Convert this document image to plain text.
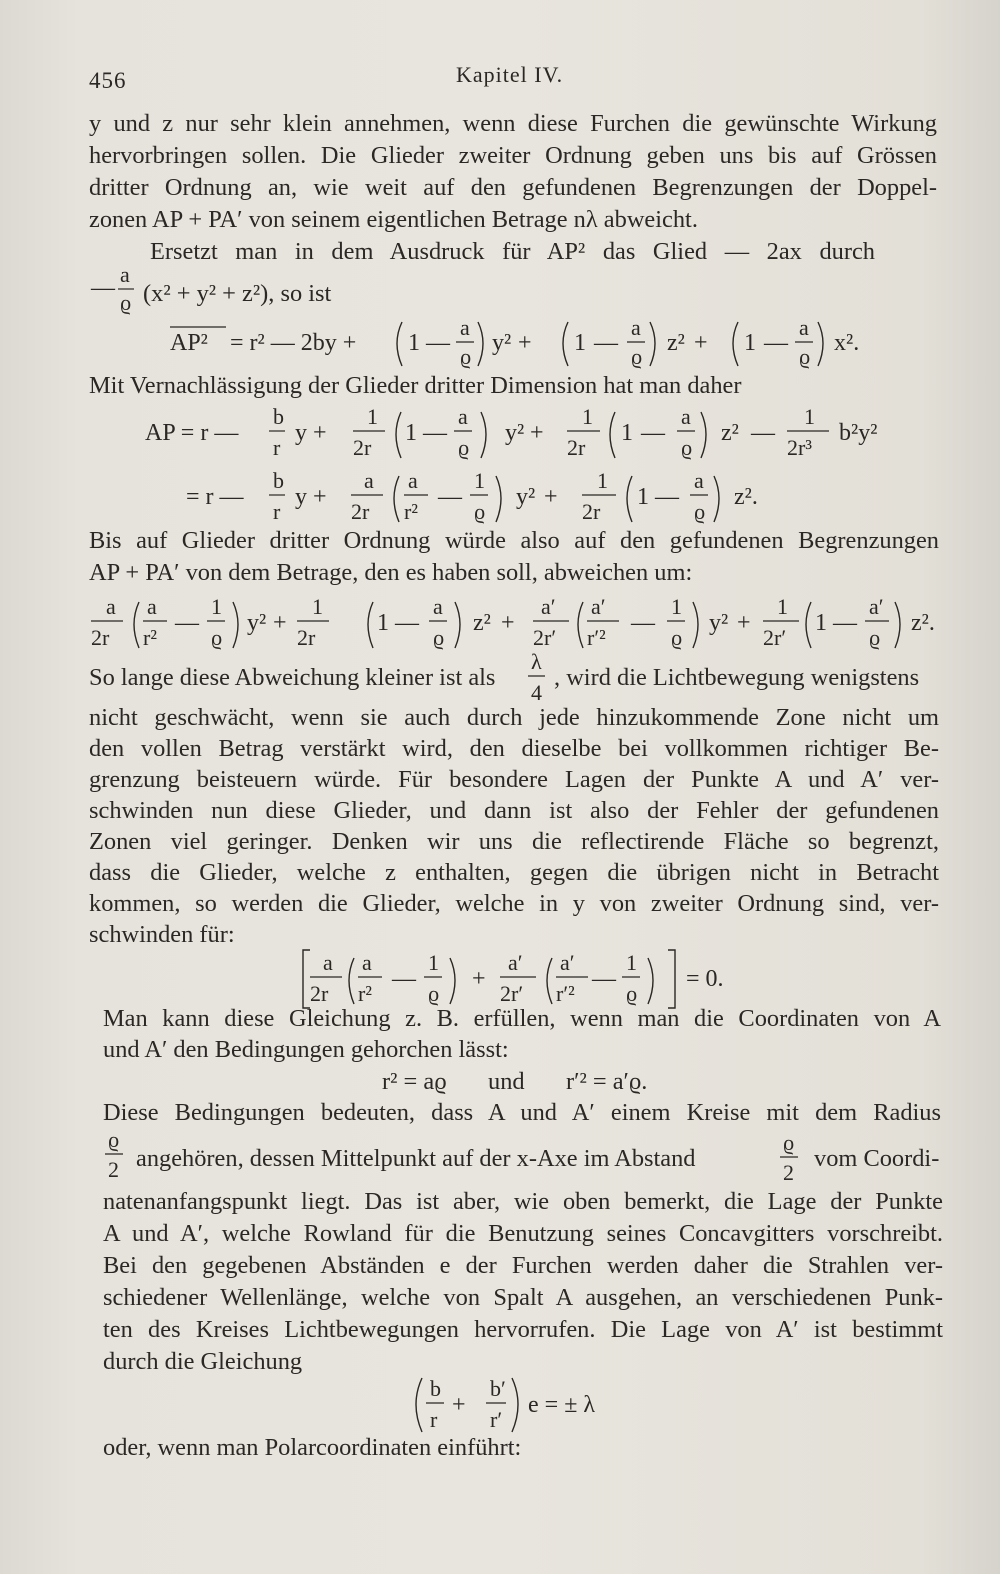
456	Kapitel IV.
y und z nur sehr klein annehmen, wenn diese Furchen die gewünschte Wirkung
hervorbringen sollen. Die Glieder zweiter Ordnung geben uns bis auf Grössen
dritter Ordnung an, wie weit auf den gefundenen Begrenzungen der Doppel-
zonen AP + PA′ von seinem eigentlichen Betrage nλ abweicht.
Ersetzt man in dem Ausdruck für AP² das Glied — 2ax durch
—
a
ϱ (x² + y² + z²), so ist
AP² = r² — 2by + 1 —
a
ϱ
y² + 1 —
a
ϱ
z² + 1 —
a
ϱ
x².
Mit Vernachlässigung der Glieder dritter Dimension hat man daher
AP = r —
b
r
y +
1
2r
1 —
a
ϱ
y² +
1
2r
1 —
a
ϱ
z² —
1
2r³
b²y²
= r —
b
r
y +
a
2r
a
r²
—
1
ϱ
y² +
1
2r
1 —
a
ϱ
z².
Bis auf Glieder dritter Ordnung würde also auf den gefundenen Begrenzungen
AP + PA′ von dem Betrage, den es haben soll, abweichen um:
a
2r
a
r²
—
1
ϱ
y² +
1
2r
1 —
a
ϱ
z² +
a′
2r′
a′
r′²
—
1
ϱ
y² +
1
2r′
1 —
a′
ϱ
z².
So lange diese Abweichung kleiner ist als
λ
4
, wird die Lichtbewegung wenigstens
nicht geschwächt, wenn sie auch durch jede hinzukommende Zone nicht um
den vollen Betrag verstärkt wird, den dieselbe bei vollkommen richtiger Be-
grenzung beisteuern würde. Für besondere Lagen der Punkte A und A′ ver-
schwinden nun diese Glieder, und dann ist also der Fehler der gefundenen
Zonen viel geringer. Denken wir uns die reflectirende Fläche so begrenzt,
dass die Glieder, welche z enthalten, gegen die übrigen nicht in Betracht
kommen, so werden die Glieder, welche in y von zweiter Ordnung sind, ver-
schwinden für:
a
2r
a
r²
—
1
ϱ
+
a′
2r′
a′
r′²
—
1
ϱ
= 0.
Man kann diese Gleichung z. B. erfüllen, wenn man die Coordinaten von A
und A′ den Bedingungen gehorchen lässt:
r² = aϱ und r′² = a′ϱ.
Diese Bedingungen bedeuten, dass A und A′ einem Kreise mit dem Radius
ϱ
2 angehören, dessen Mittelpunkt auf der x-Axe im Abstand
ϱ
2
vom Coordi-
natenanfangspunkt liegt. Das ist aber, wie oben bemerkt, die Lage der Punkte
A und A′, welche Rowland für die Benutzung seines Concavgitters vorschreibt.
Bei den gegebenen Abständen e der Furchen werden daher die Strahlen ver-
schiedener Wellenlänge, welche von Spalt A ausgehen, an verschiedenen Punk-
ten des Kreises Lichtbewegungen hervorrufen. Die Lage von A′ ist bestimmt
durch die Gleichung
b
r
+
b′
r′
e = ± λ
oder, wenn man Polarcoordinaten einführt:
